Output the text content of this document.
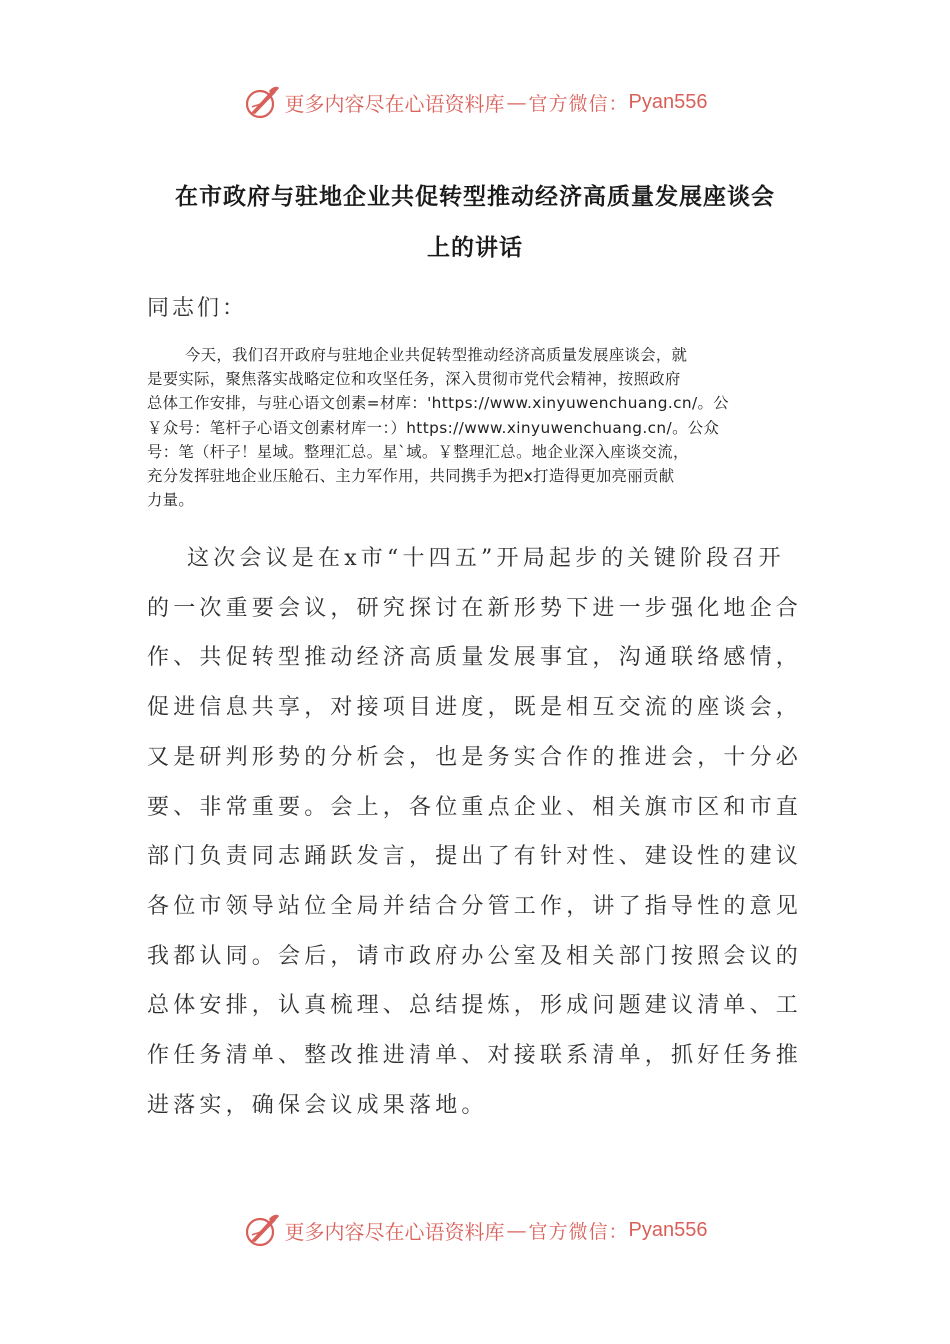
更多内容尽在心语资料库 — 官方微信： Pyan556
在市政府与驻地企业共促转型推动经济高质量发展座谈会
上的讲话
同志们：
今天，我们召开政府与驻地企业共促转型推动经济高质量发展座谈会，就
是要实际，聚焦落实战略定位和攻坚任务，深入贯彻市党代会精神，按照政府
总体工作安排，与驻心语文创素=材库：'https://www.xinyuwenchuang.cn/。公
￥众号：笔杆子心语文创素材库一：）https://www.xinyuwenchuang.cn/。公众
号：笔（杆子！星域。整理汇总。星`域。￥整理汇总。地企业深入座谈交流，
充分发挥驻地企业压舱石、主力军作用，共同携手为把x打造得更加亮丽贡献
力量。
这次会议是在x市“十四五”开局起步的关键阶段召开
的一次重要会议，研究探讨在新形势下进一步强化地企合
作、共促转型推动经济高质量发展事宜，沟通联络感情，
促进信息共享，对接项目进度，既是相互交流的座谈会，
又是研判形势的分析会，也是务实合作的推进会，十分必
要、非常重要。会上，各位重点企业、相关旗市区和市直
部门负责同志踊跃发言，提出了有针对性、建设性的建议
各位市领导站位全局并结合分管工作，讲了指导性的意见
我都认同。会后，请市政府办公室及相关部门按照会议的
总体安排，认真梳理、总结提炼，形成问题建议清单、工
作任务清单、整改推进清单、对接联系清单，抓好任务推
进落实，确保会议成果落地。
更多内容尽在心语资料库 — 官方微信： Pyan556
